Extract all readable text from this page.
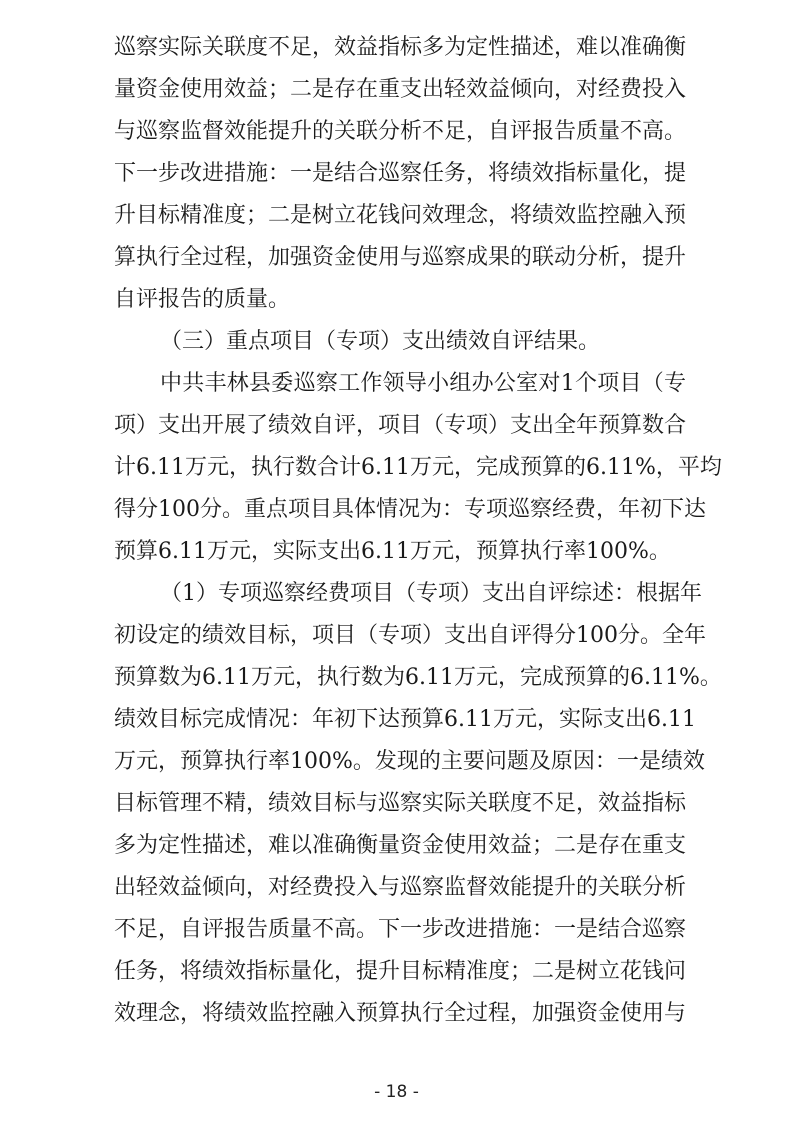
巡察实际关联度不足，效益指标多为定性描述，难以准确衡
量资金使用效益；二是存在重支出轻效益倾向，对经费投入
与巡察监督效能提升的关联分析不足，自评报告质量不高。
下一步改进措施：一是结合巡察任务，将绩效指标量化，提
升目标精准度；二是树立花钱问效理念，将绩效监控融入预
算执行全过程，加强资金使用与巡察成果的联动分析，提升
自评报告的质量。
（三）重点项目（专项）支出绩效自评结果。
中共丰林县委巡察工作领导小组办公室对1个项目（专
项）支出开展了绩效自评，项目（专项）支出全年预算数合
计6.11万元，执行数合计6.11万元，完成预算的6.11%，平均
得分100分。重点项目具体情况为：专项巡察经费，年初下达
预算6.11万元，实际支出6.11万元，预算执行率100%。
（1）专项巡察经费项目（专项）支出自评综述：根据年
初设定的绩效目标，项目（专项）支出自评得分100分。全年
预算数为6.11万元，执行数为6.11万元，完成预算的6.11%。
绩效目标完成情况：年初下达预算6.11万元，实际支出6.11
万元，预算执行率100%。发现的主要问题及原因：一是绩效
目标管理不精，绩效目标与巡察实际关联度不足，效益指标
多为定性描述，难以准确衡量资金使用效益；二是存在重支
出轻效益倾向，对经费投入与巡察监督效能提升的关联分析
不足，自评报告质量不高。下一步改进措施：一是结合巡察
任务，将绩效指标量化，提升目标精准度；二是树立花钱问
效理念，将绩效监控融入预算执行全过程，加强资金使用与
- 18 -
